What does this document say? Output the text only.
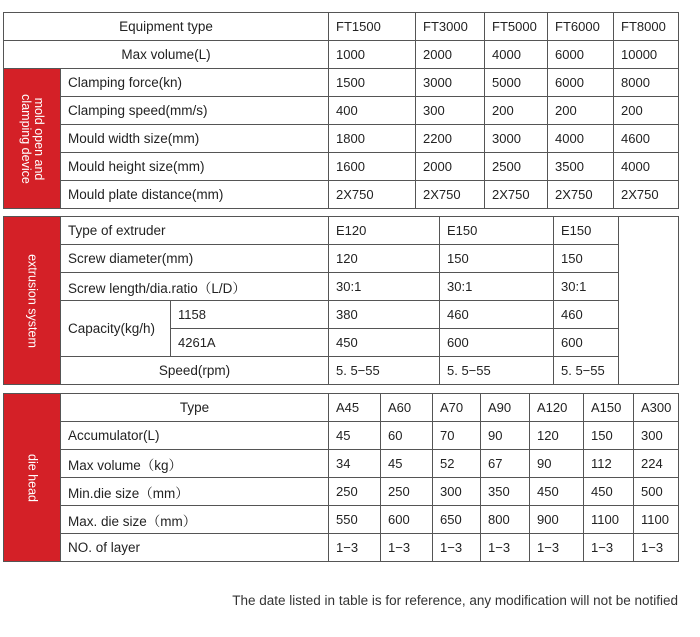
Equipment type		FT1500	FT3000	FT5000	FT6000	FT8000
Max volume(L)		1000	2000	4000	6000	10000

mold open and
clamping device	Clamping force(kn)	1500	3000	5000	6000	8000
	Clamping speed(mm/s)	400	300	200	200	200
	Mould width size(mm)	1800	2200	3000	4000	4600
	Mould height size(mm)	1600	2000	2500	3500	4000
	Mould plate distance(mm)	2X750	2X750	2X750	2X750	2X750
extrusion system	Type of extruder		E120	E150	E150	
	Screw diameter(mm)		120	150	150	
	Screw length/dia.ratio（L/D）		30:1	30:1	30:1	
	Capacity(kg/h)	1158	380	460	460	
		4261A	450	600	600	
	Speed(rpm)		5. 5−55	5. 5−55	5. 5−55	
die head	Type	A45	A60	A70	A90	A120	A150	A300
	Accumulator(L)	45	60	70	90	120	150	300
	Max volume（kg）	34	45	52	67	90	112	224
	Min.die size（mm）	250	250	300	350	450	450	500
	Max. die size（mm）	550	600	650	800	900	1100	1100
	NO. of layer	1−3	1−3	1−3	1−3	1−3	1−3	1−3
The date listed in table is for reference, any modification will not be notified
